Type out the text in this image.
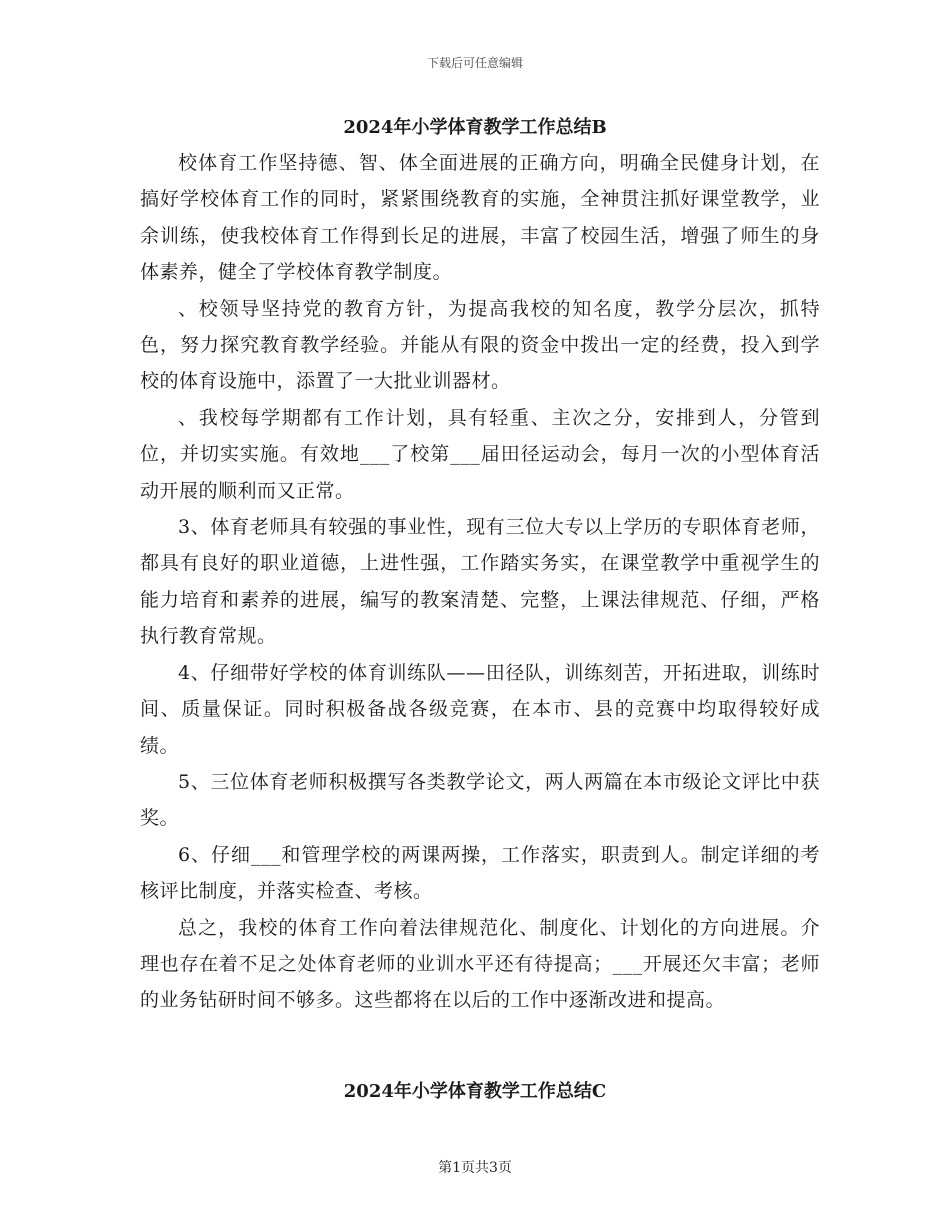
下载后可任意编辑
2024年小学体育教学工作总结B

校体育工作坚持德、智、体全面进展的正确方向，明确全民健身计划，在搞好学校体育工作的同时，紧紧围绕教育的实施，全神贯注抓好课堂教学，业余训练，使我校体育工作得到长足的进展，丰富了校园生活，增强了师生的身体素养，健全了学校体育教学制度。

、校领导坚持党的教育方针，为提高我校的知名度，教学分层次，抓特色，努力探究教育教学经验。并能从有限的资金中拨出一定的经费，投入到学校的体育设施中，添置了一大批业训器材。

、我校每学期都有工作计划，具有轻重、主次之分，安排到人，分管到位，并切实实施。有效地___了校第___届田径运动会，每月一次的小型体育活动开展的顺利而又正常。

3、体育老师具有较强的事业性，现有三位大专以上学历的专职体育老师，都具有良好的职业道德，上进性强，工作踏实务实，在课堂教学中重视学生的能力培育和素养的进展，编写的教案清楚、完整，上课法律规范、仔细，严格执行教育常规。

4、仔细带好学校的体育训练队——田径队，训练刻苦，开拓进取，训练时间、质量保证。同时积极备战各级竞赛，在本市、县的竞赛中均取得较好成绩。

5、三位体育老师积极撰写各类教学论文，两人两篇在本市级论文评比中获奖。

6、仔细___和管理学校的两课两操，工作落实，职责到人。制定详细的考核评比制度，并落实检查、考核。

总之，我校的体育工作向着法律规范化、制度化、计划化的方向进展。介理也存在着不足之处体育老师的业训水平还有待提高；___开展还欠丰富；老师的业务钻研时间不够多。这些都将在以后的工作中逐渐改进和提高。

2024年小学体育教学工作总结C
第1页共3页
